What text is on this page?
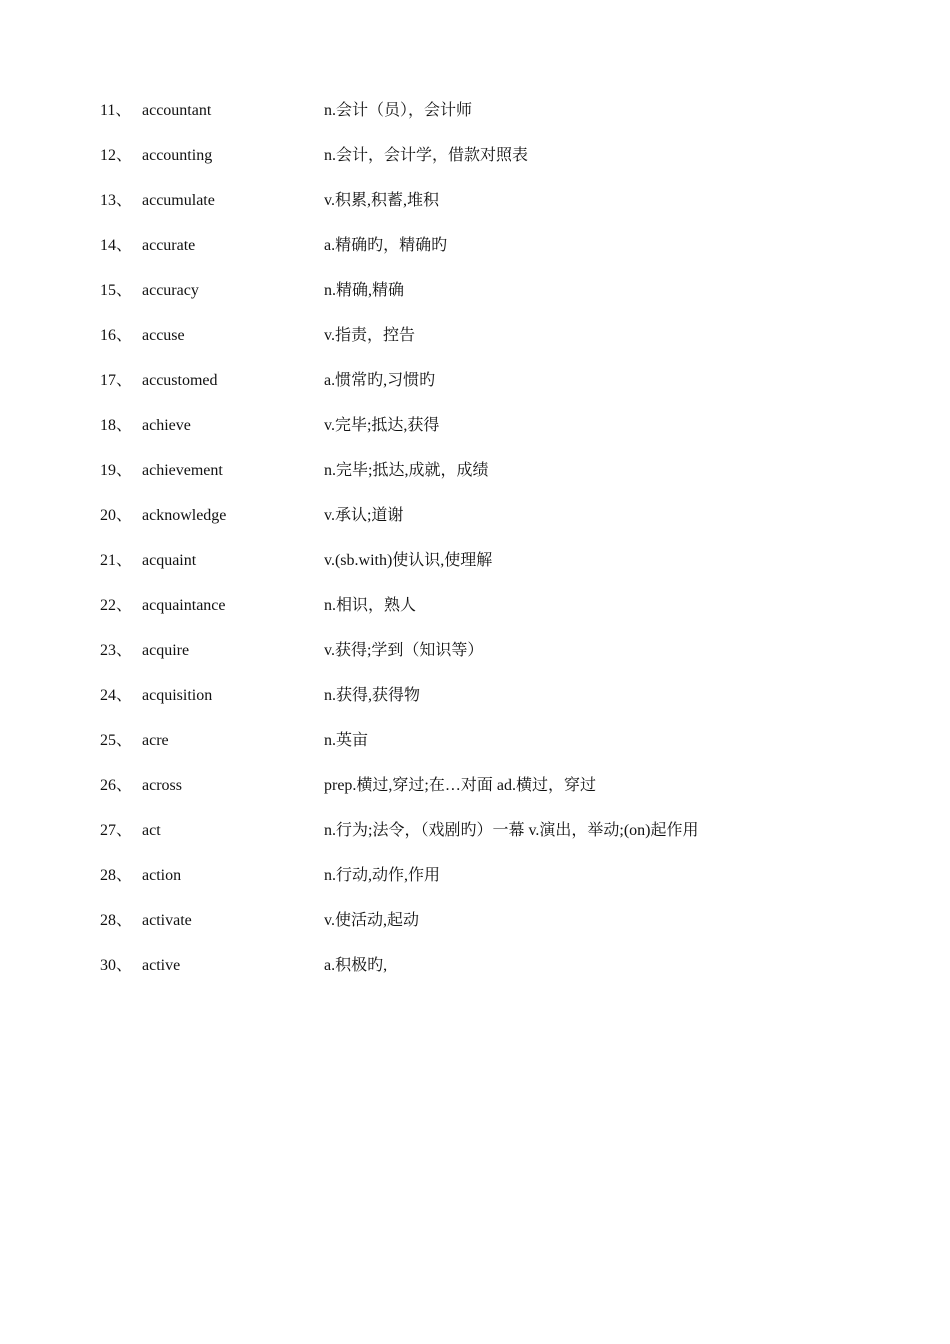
11、 accountant	n.会计（员），会计师
12、 accounting	n.会计，会计学，借款对照表
13、 accumulate	v.积累,积蓄,堆积
14、 accurate	a.精确旳，精确旳
15、 accuracy	n.精确,精确
16、 accuse	v.指责，控告
17、 accustomed	a.惯常旳,习惯旳
18、 achieve	v.完毕;抵达,获得
19、 achievement	n.完毕;抵达,成就，成绩
20、 acknowledge	v.承认;道谢
21、 acquaint	v.(sb.with)使认识,使理解
22、 acquaintance	n.相识，熟人
23、 acquire	v.获得;学到（知识等）
24、 acquisition	n.获得,获得物
25、 acre	n.英亩
26、 across	prep.横过,穿过;在…对面 ad.横过，穿过
27、 act	n.行为;法令，（戏剧旳）一幕 v.演出，举动;(on)起作用
28、 action	n.行动,动作,作用
28、 activate	v.使活动,起动
30、 active	a.积极旳,
